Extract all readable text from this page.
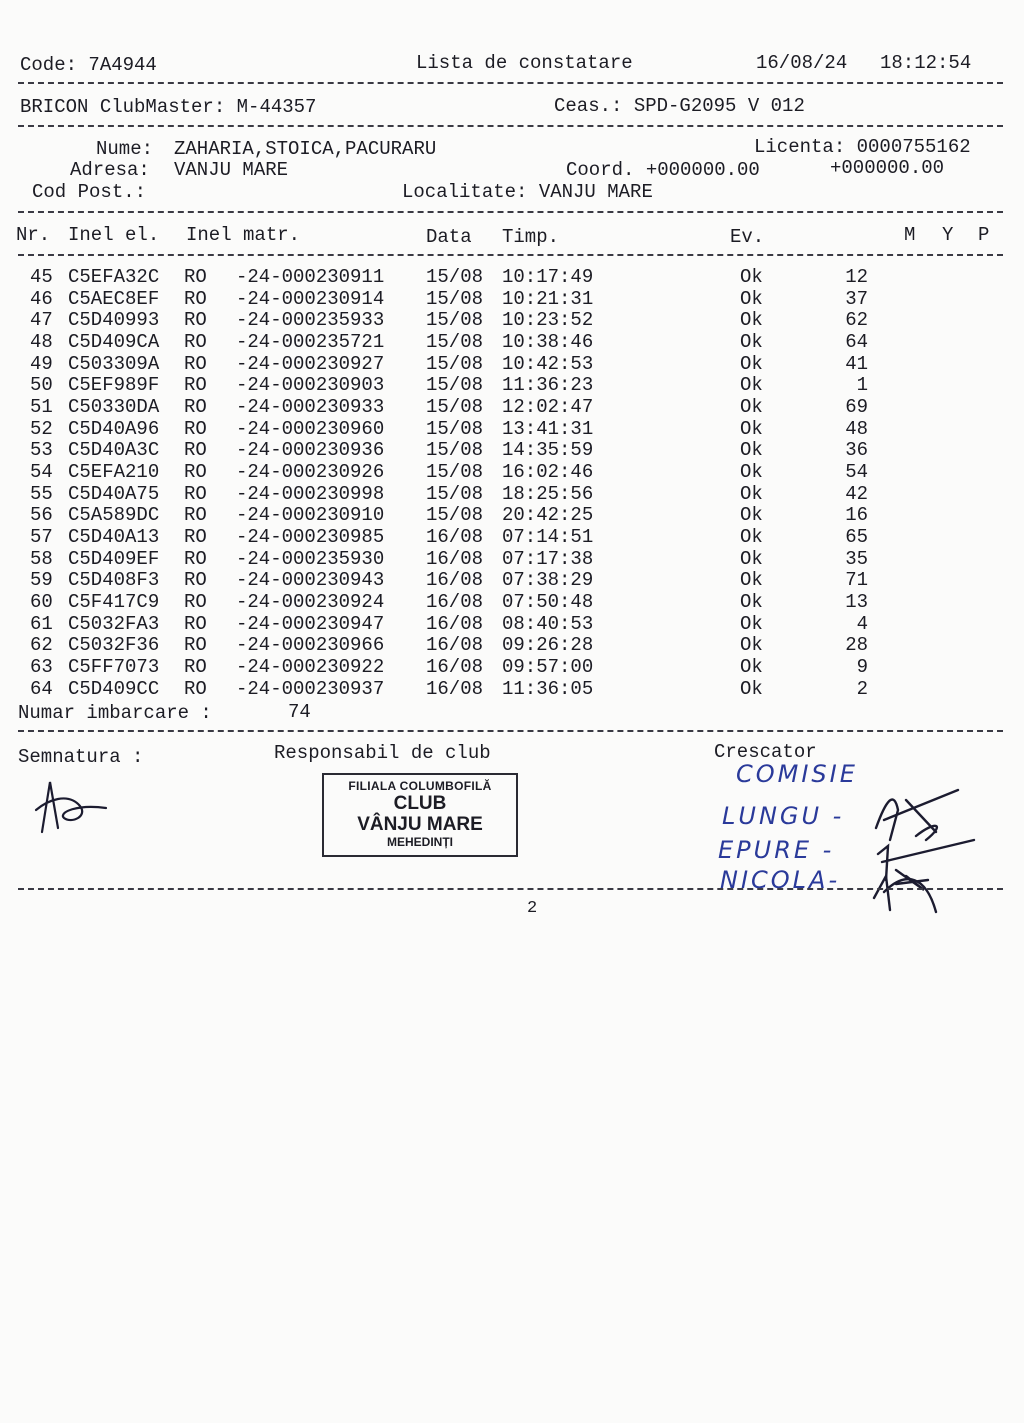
Code: 7A4944	Lista de constatare	16/08/24 18:12:54
BRICON ClubMaster: M-44357	Ceas.: SPD-G2095 V 012
Nume: ZAHARIA,STOICA,PACURARU	Licenta: 0000755162
Adresa: VANJU MARE	Coord. +000000.00	+000000.00
Cod Post.:	Localitate: VANJU MARE
Nr. Inel el. Inel matr.	Data Timp.	Ev.	M Y P
45 C5EFA32C RO -24-000230911 15/08 10:17:49	Ok	12
46 C5AEC8EF RO -24-000230914 15/08 10:21:31	Ok	37
47 C5D40993 RO -24-000235933 15/08 10:23:52	Ok	62
48 C5D409CA RO -24-000235721 15/08 10:38:46	Ok	64
49 C503309A RO -24-000230927 15/08 10:42:53	Ok	41
50 C5EF989F RO -24-000230903 15/08 11:36:23	Ok	1
51 C50330DA RO -24-000230933 15/08 12:02:47	Ok	69
52 C5D40A96 RO -24-000230960 15/08 13:41:31	Ok	48
53 C5D40A3C RO -24-000230936 15/08 14:35:59	Ok	36
54 C5EFA210 RO -24-000230926 15/08 16:02:46	Ok	54
55 C5D40A75 RO -24-000230998 15/08 18:25:56	Ok	42
56 C5A589DC RO -24-000230910 15/08 20:42:25	Ok	16
57 C5D40A13 RO -24-000230985 16/08 07:14:51	Ok	65
58 C5D409EF RO -24-000235930 16/08 07:17:38	Ok	35
59 C5D408F3 RO -24-000230943 16/08 07:38:29	Ok	71
60 C5F417C9 RO -24-000230924 16/08 07:50:48	Ok	13
61 C5032FA3 RO -24-000230947 16/08 08:40:53	Ok	4
62 C5032F36 RO -24-000230966 16/08 09:26:28	Ok	28
63 C5FF7073 RO -24-000230922 16/08 09:57:00	Ok	9
64 C5D409CC RO -24-000230937 16/08 11:36:05	Ok	2
Numar imbarcare :	74
Semnatura :	Responsabil de club	Crescator
FILIALA COLUMBOFILĂ
CLUB
VÂNJU MARE
MEHEDINȚI
COMISIE
LUNGU -
EPURE -
NICOLA-
2
